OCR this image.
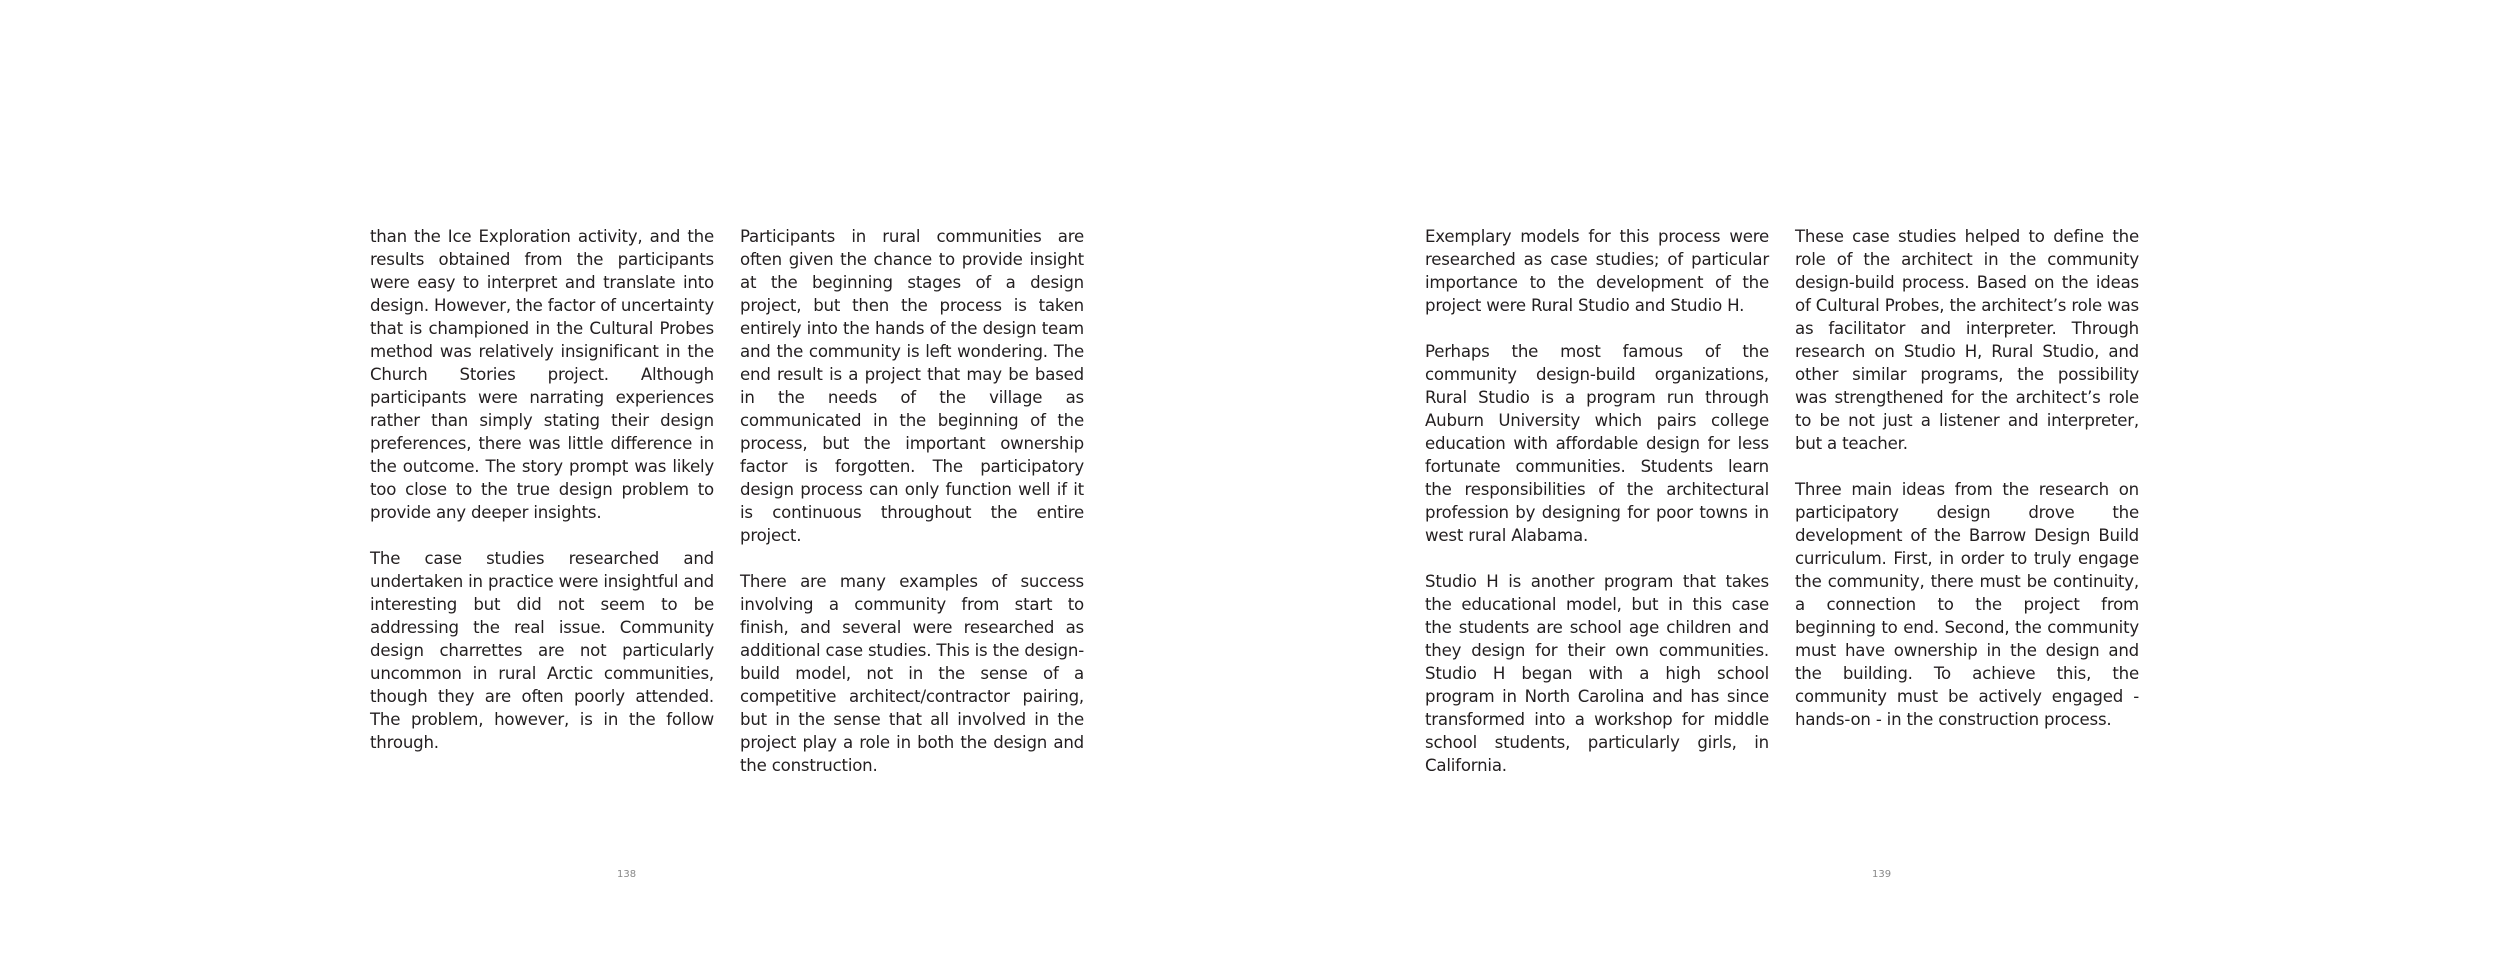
than the Ice Exploration activity, and the results obtained from the participants were easy to interpret and translate into design. However, the factor of uncertainty that is championed in the Cultural Probes method was relatively insignificant in the Church Stories project. Although participants were narrating experiences rather than simply stating their design preferences, there was little difference in the outcome. The story prompt was likely too close to the true design problem to provide any deeper insights.

The case studies researched and undertaken in practice were insightful and interesting but did not seem to be addressing the real issue. Community design charrettes are not particularly uncommon in rural Arctic communities, though they are often poorly attended. The problem, however, is in the follow through.

Participants in rural communities are often given the chance to provide insight at the beginning stages of a design project, but then the process is taken entirely into the hands of the design team and the community is left wondering. The end result is a project that may be based in the needs of the village as communicated in the beginning of the process, but the important ownership factor is forgotten. The participatory design process can only function well if it is continuous throughout the entire project.

There are many examples of success involving a community from start to finish, and several were researched as additional case studies. This is the design-build model, not in the sense of a competitive architect/contractor pairing, but in the sense that all involved in the project play a role in both the design and the construction.

138

Exemplary models for this process were researched as case studies; of particular importance to the development of the project were Rural Studio and Studio H.

Perhaps the most famous of the community design-build organizations, Rural Studio is a program run through Auburn University which pairs college education with affordable design for less fortunate communities. Students learn the responsibilities of the architectural profession by designing for poor towns in west rural Alabama.

Studio H is another program that takes the educational model, but in this case the students are school age children and they design for their own communities. Studio H began with a high school program in North Carolina and has since transformed into a workshop for middle school students, particularly girls, in California.

These case studies helped to define the role of the architect in the community design-build process. Based on the ideas of Cultural Probes, the architect’s role was as facilitator and interpreter. Through research on Studio H, Rural Studio, and other similar programs, the possibility was strengthened for the architect’s role to be not just a listener and interpreter, but a teacher.

Three main ideas from the research on participatory design drove the development of the Barrow Design Build curriculum. First, in order to truly engage the community, there must be continuity, a connection to the project from beginning to end. Second, the community must have ownership in the design and the building. To achieve this, the community must be actively engaged - hands-on - in the construction process.

139
